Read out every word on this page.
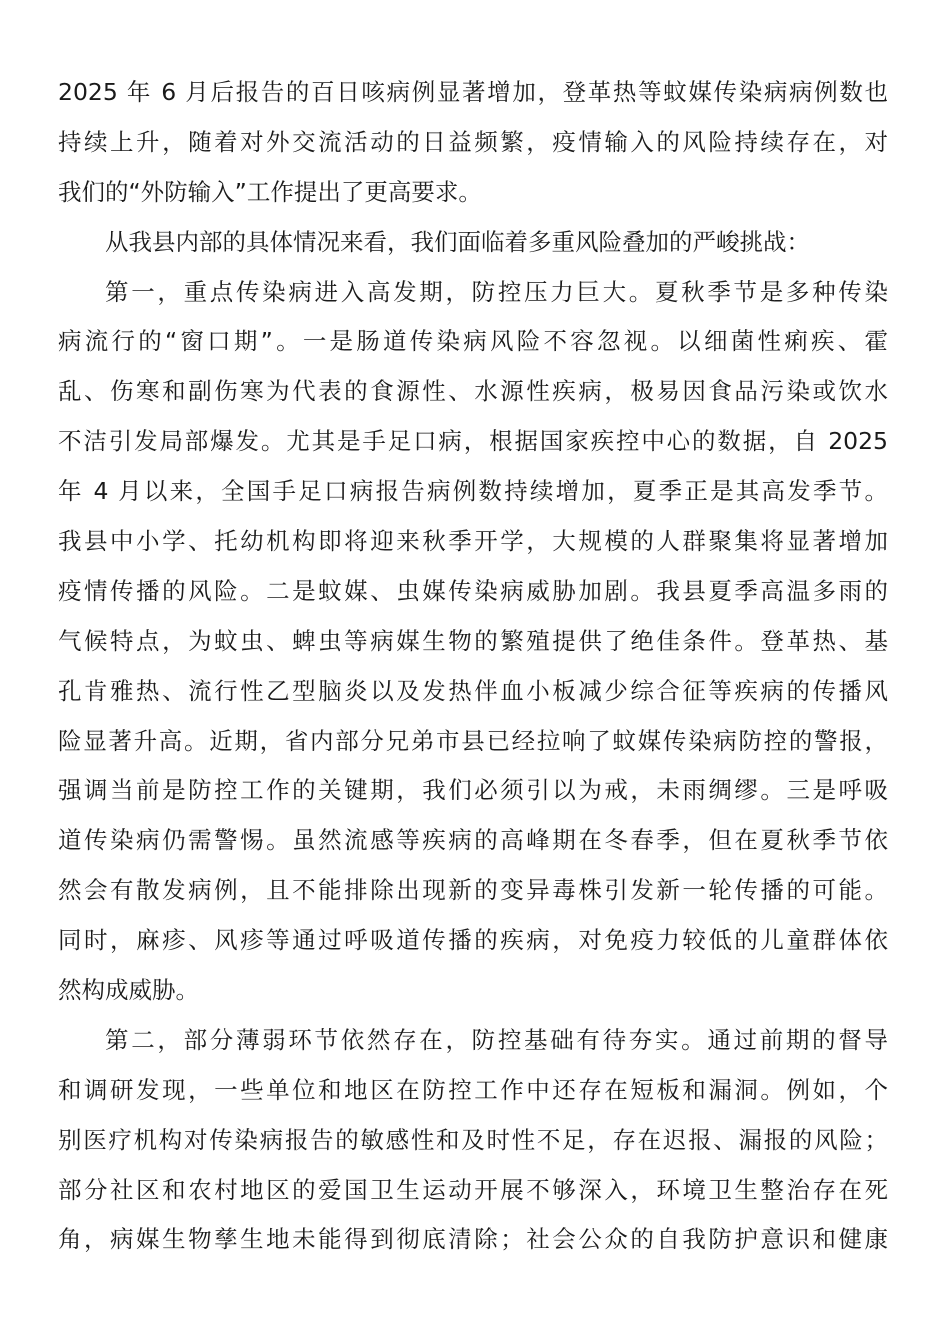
2025 年 6 月后报告的百日咳病例显著增加，登革热等蚊媒传染病病例数也
持续上升，随着对外交流活动的日益频繁，疫情输入的风险持续存在，对
我们的“外防输入”工作提出了更高要求。
从我县内部的具体情况来看，我们面临着多重风险叠加的严峻挑战：
第一，重点传染病进入高发期，防控压力巨大。夏秋季节是多种传染
病流行的“窗口期”。一是肠道传染病风险不容忽视。以细菌性痢疾、霍
乱、伤寒和副伤寒为代表的食源性、水源性疾病，极易因食品污染或饮水
不洁引发局部爆发。尤其是手足口病，根据国家疾控中心的数据，自 2025
年 4 月以来，全国手足口病报告病例数持续增加，夏季正是其高发季节。
我县中小学、托幼机构即将迎来秋季开学，大规模的人群聚集将显著增加
疫情传播的风险。二是蚊媒、虫媒传染病威胁加剧。我县夏季高温多雨的
气候特点，为蚊虫、蜱虫等病媒生物的繁殖提供了绝佳条件。登革热、基
孔肯雅热、流行性乙型脑炎以及发热伴血小板减少综合征等疾病的传播风
险显著升高。近期，省内部分兄弟市县已经拉响了蚊媒传染病防控的警报，
强调当前是防控工作的关键期，我们必须引以为戒，未雨绸缪。三是呼吸
道传染病仍需警惕。虽然流感等疾病的高峰期在冬春季，但在夏秋季节依
然会有散发病例，且不能排除出现新的变异毒株引发新一轮传播的可能。
同时，麻疹、风疹等通过呼吸道传播的疾病，对免疫力较低的儿童群体依
然构成威胁。
第二，部分薄弱环节依然存在，防控基础有待夯实。通过前期的督导
和调研发现，一些单位和地区在防控工作中还存在短板和漏洞。例如，个
别医疗机构对传染病报告的敏感性和及时性不足，存在迟报、漏报的风险；
部分社区和农村地区的爱国卫生运动开展不够深入，环境卫生整治存在死
角，病媒生物孳生地未能得到彻底清除；社会公众的自我防护意识和健康
